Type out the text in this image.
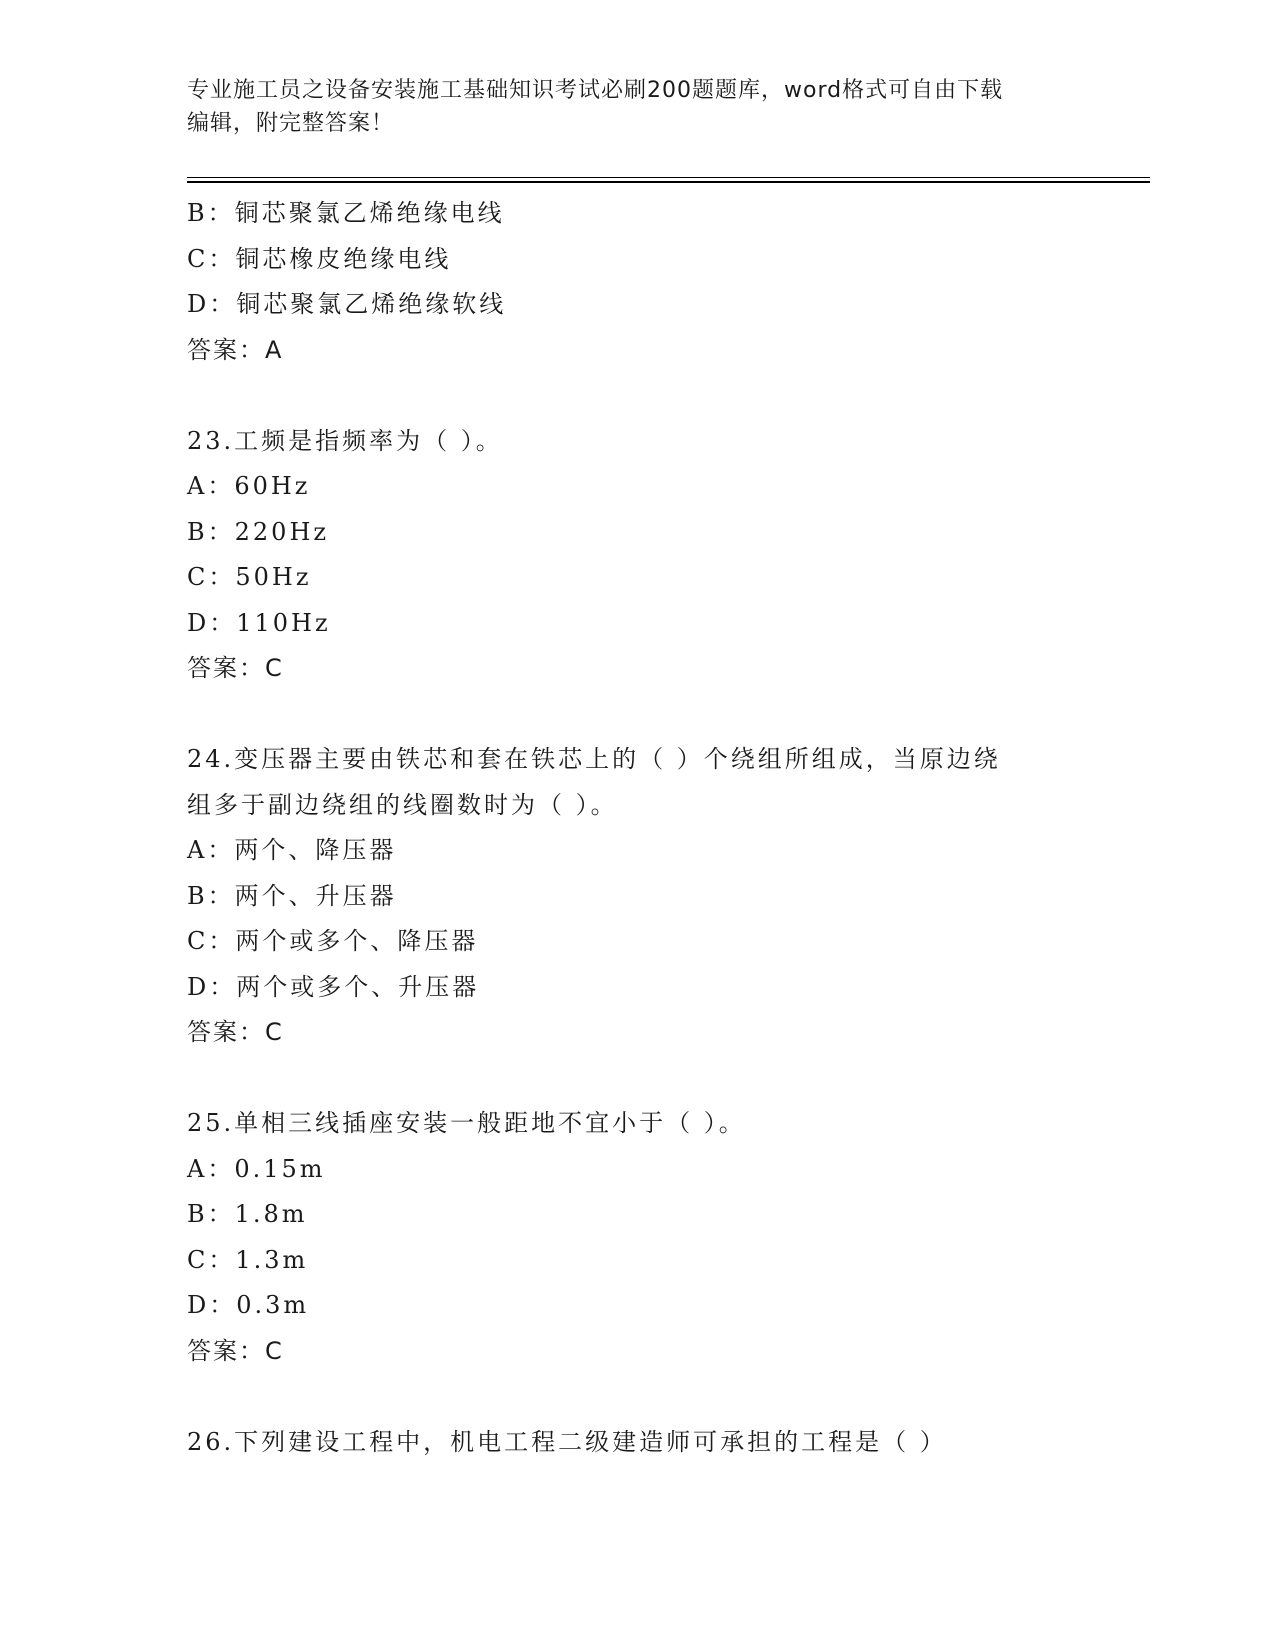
专业施工员之设备安装施工基础知识考试必刷200题题库，word格式可自由下载
编辑，附完整答案！
B：铜芯聚氯乙烯绝缘电线
C：铜芯橡皮绝缘电线
D：铜芯聚氯乙烯绝缘软线
答案：A
23.工频是指频率为（ ）。
A：60Hz
B：220Hz
C：50Hz
D：110Hz
答案：C
24.变压器主要由铁芯和套在铁芯上的（ ）个绕组所组成，当原边绕
组多于副边绕组的线圈数时为（ ）。
A：两个、降压器
B：两个、升压器
C：两个或多个、降压器
D：两个或多个、升压器
答案：C
25.单相三线插座安装一般距地不宜小于（ ）。
A：0.15m
B：1.8m
C：1.3m
D：0.3m
答案：C
26.下列建设工程中，机电工程二级建造师可承担的工程是（ ）
